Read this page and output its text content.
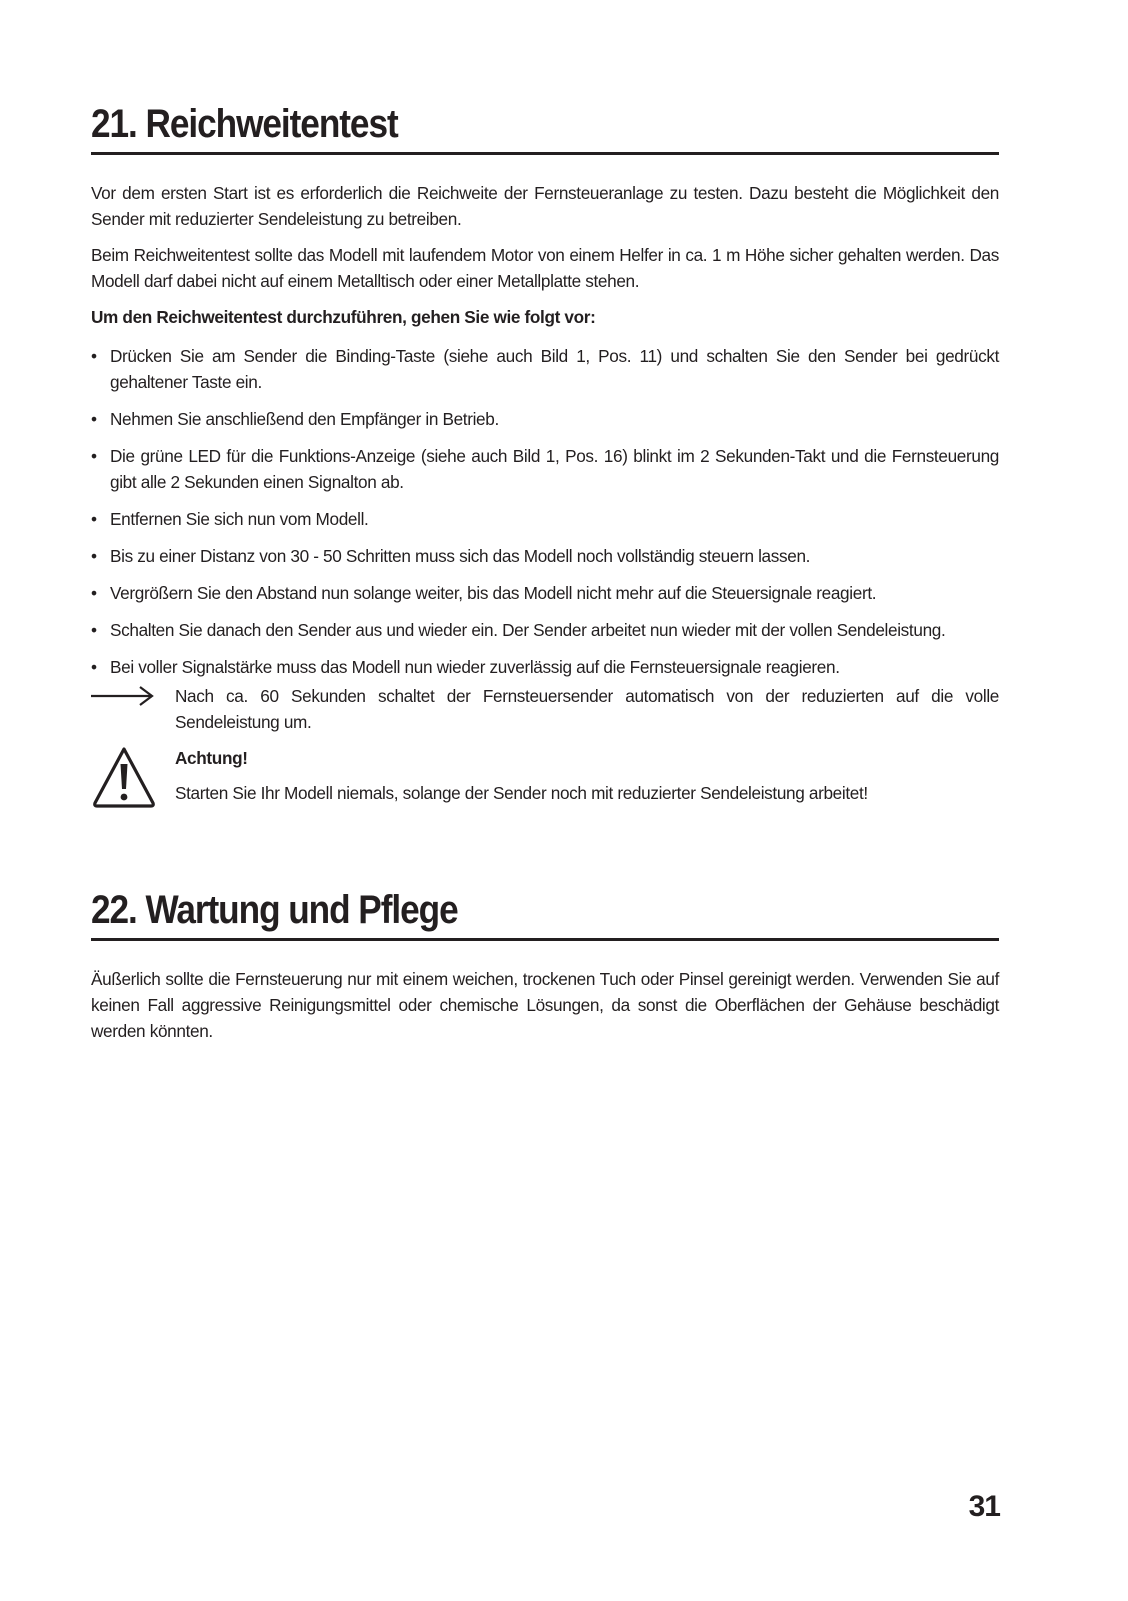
21. Reichweitentest
Vor dem ersten Start ist es erforderlich die Reichweite der Fernsteueranlage zu testen. Dazu besteht die Möglichkeit den Sender mit reduzierter Sendeleistung zu betreiben.
Beim Reichweitentest sollte das Modell mit laufendem Motor von einem Helfer in ca. 1 m Höhe sicher gehalten werden. Das Modell darf dabei nicht auf einem Metalltisch oder einer Metallplatte stehen.
Um den Reichweitentest durchzuführen, gehen Sie wie folgt vor:
• Drücken Sie am Sender die Binding-Taste (siehe auch Bild 1, Pos. 11) und schalten Sie den Sender bei gedrückt gehaltener Taste ein.
• Nehmen Sie anschließend den Empfänger in Betrieb.
• Die grüne LED für die Funktions-Anzeige (siehe auch Bild 1, Pos. 16) blinkt im 2 Sekunden-Takt und die Fernsteuerung gibt alle 2 Sekunden einen Signalton ab.
• Entfernen Sie sich nun vom Modell.
• Bis zu einer Distanz von 30 - 50 Schritten muss sich das Modell noch vollständig steuern lassen.
• Vergrößern Sie den Abstand nun solange weiter, bis das Modell nicht mehr auf die Steuersignale reagiert.
• Schalten Sie danach den Sender aus und wieder ein. Der Sender arbeitet nun wieder mit der vollen Sendeleistung.
• Bei voller Signalstärke muss das Modell nun wieder zuverlässig auf die Fernsteuersignale reagieren.
Nach ca. 60 Sekunden schaltet der Fernsteuersender automatisch von der reduzierten auf die volle Sendeleistung um.
Achtung!
Starten Sie Ihr Modell niemals, solange der Sender noch mit reduzierter Sendeleistung arbeitet!
22. Wartung und Pflege
Äußerlich sollte die Fernsteuerung nur mit einem weichen, trockenen Tuch oder Pinsel gereinigt werden. Verwenden Sie auf keinen Fall aggressive Reinigungsmittel oder chemische Lösungen, da sonst die Oberflächen der Gehäuse beschädigt werden könnten.
31
